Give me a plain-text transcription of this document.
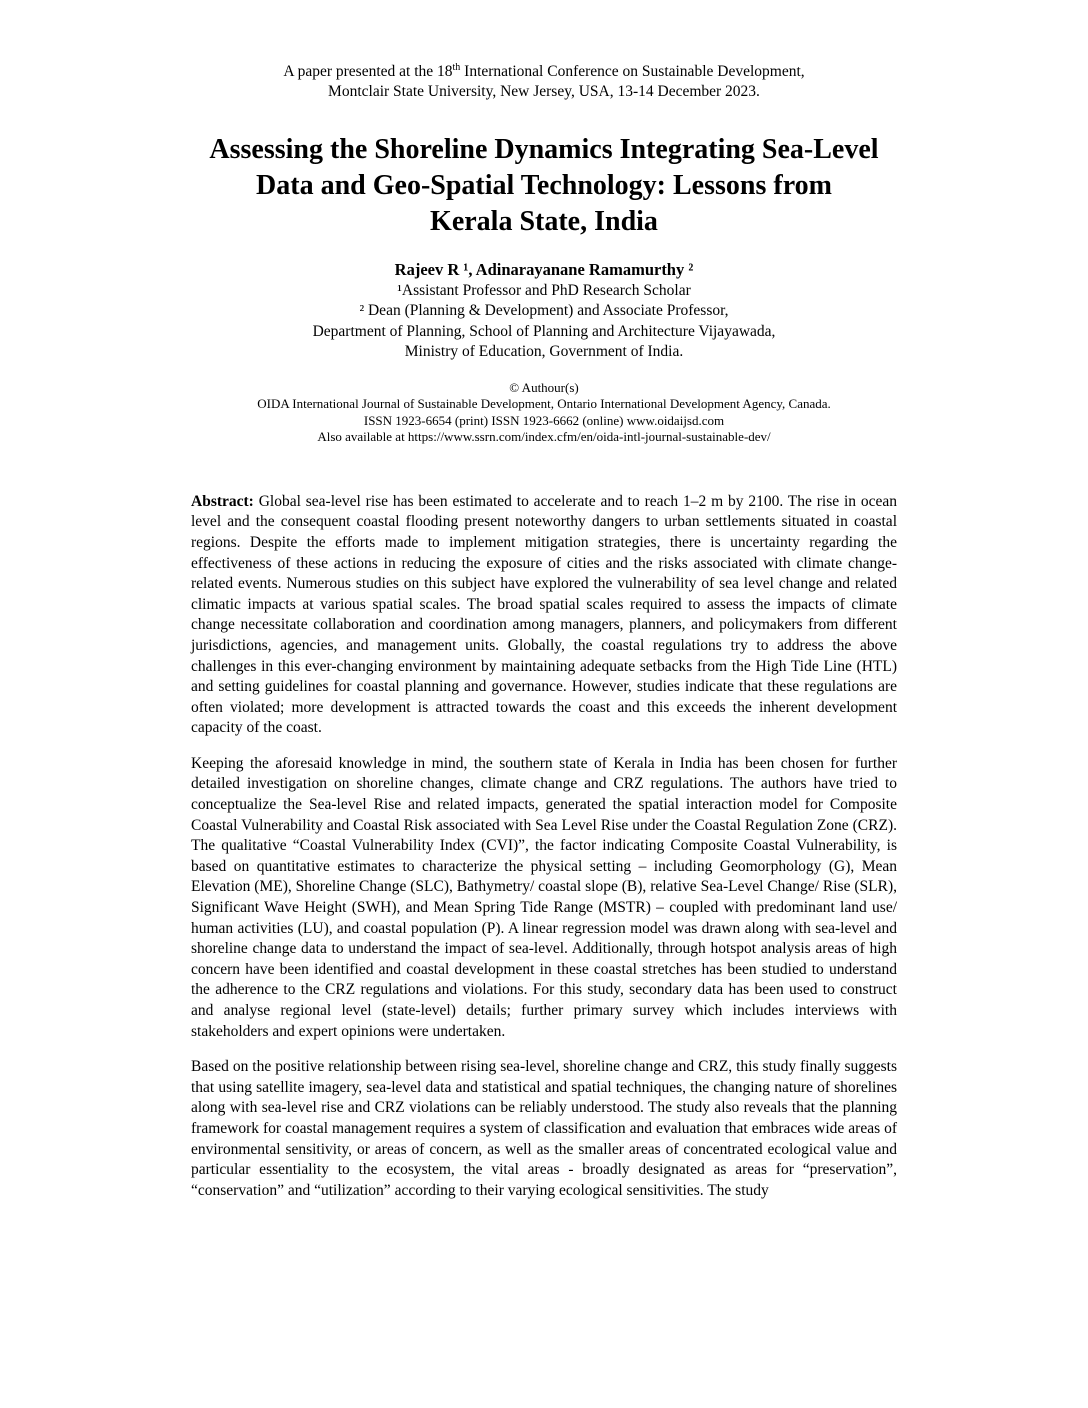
A paper presented at the 18th International Conference on Sustainable Development,
Montclair State University, New Jersey, USA, 13-14 December 2023.
Assessing the Shoreline Dynamics Integrating Sea-Level
Data and Geo-Spatial Technology: Lessons from
Kerala State, India
Rajeev R ¹, Adinarayanane Ramamurthy ²
¹Assistant Professor and PhD Research Scholar
² Dean (Planning & Development) and Associate Professor,
Department of Planning, School of Planning and Architecture Vijayawada,
Ministry of Education, Government of India.
© Authour(s)
OIDA International Journal of Sustainable Development, Ontario International Development Agency, Canada.
ISSN 1923-6654 (print) ISSN 1923-6662 (online) www.oidaijsd.com
Also available at https://www.ssrn.com/index.cfm/en/oida-intl-journal-sustainable-dev/

Abstract: Global sea-level rise has been estimated to accelerate and to reach 1–2 m by 2100. The rise in ocean level and the consequent coastal flooding present noteworthy dangers to urban settlements situated in coastal regions. Despite the efforts made to implement mitigation strategies, there is uncertainty regarding the effectiveness of these actions in reducing the exposure of cities and the risks associated with climate change-related events. Numerous studies on this subject have explored the vulnerability of sea level change and related climatic impacts at various spatial scales. The broad spatial scales required to assess the impacts of climate change necessitate collaboration and coordination among managers, planners, and policymakers from different jurisdictions, agencies, and management units. Globally, the coastal regulations try to address the above challenges in this ever-changing environment by maintaining adequate setbacks from the High Tide Line (HTL) and setting guidelines for coastal planning and governance. However, studies indicate that these regulations are often violated; more development is attracted towards the coast and this exceeds the inherent development capacity of the coast.

Keeping the aforesaid knowledge in mind, the southern state of Kerala in India has been chosen for further detailed investigation on shoreline changes, climate change and CRZ regulations. The authors have tried to conceptualize the Sea-level Rise and related impacts, generated the spatial interaction model for Composite Coastal Vulnerability and Coastal Risk associated with Sea Level Rise under the Coastal Regulation Zone (CRZ). The qualitative “Coastal Vulnerability Index (CVI)”, the factor indicating Composite Coastal Vulnerability, is based on quantitative estimates to characterize the physical setting – including Geomorphology (G), Mean Elevation (ME), Shoreline Change (SLC), Bathymetry/ coastal slope (B), relative Sea-Level Change/ Rise (SLR), Significant Wave Height (SWH), and Mean Spring Tide Range (MSTR) – coupled with predominant land use/ human activities (LU), and coastal population (P). A linear regression model was drawn along with sea-level and shoreline change data to understand the impact of sea-level. Additionally, through hotspot analysis areas of high concern have been identified and coastal development in these coastal stretches has been studied to understand the adherence to the CRZ regulations and violations. For this study, secondary data has been used to construct and analyse regional level (state-level) details; further primary survey which includes interviews with stakeholders and expert opinions were undertaken.

Based on the positive relationship between rising sea-level, shoreline change and CRZ, this study finally suggests that using satellite imagery, sea-level data and statistical and spatial techniques, the changing nature of shorelines along with sea-level rise and CRZ violations can be reliably understood. The study also reveals that the planning framework for coastal management requires a system of classification and evaluation that embraces wide areas of environmental sensitivity, or areas of concern, as well as the smaller areas of concentrated ecological value and particular essentiality to the ecosystem, the vital areas - broadly designated as areas for “preservation”, “conservation” and “utilization” according to their varying ecological sensitivities. The study
